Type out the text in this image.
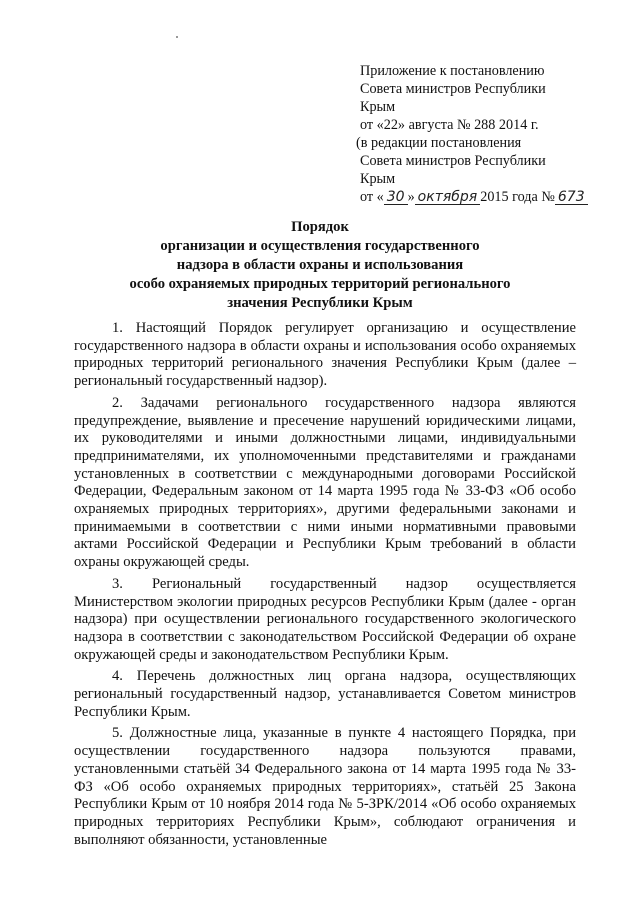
Приложение к постановлению
Совета министров Республики
Крым
от «22» августа № 288 2014 г.
(в редакции постановления
Совета министров Республики
Крым
от « 30 » октября 2015 года № 673
Порядок
организации и осуществления государственного
надзора в области охраны и использования
особо охраняемых природных территорий регионального
значения Республики Крым

1. Настоящий Порядок регулирует организацию и осуществление государственного надзора в области охраны и использования особо охраняемых природных территорий регионального значения Республики Крым (далее – региональный государственный надзор).

2. Задачами регионального государственного надзора являются предупреждение, выявление и пресечение нарушений юридическими лицами, их руководителями и иными должностными лицами, индивидуальными предпринимателями, их уполномоченными представителями и гражданами установленных в соответствии с международными договорами Российской Федерации, Федеральным законом от 14 марта 1995 года № 33-ФЗ «Об особо охраняемых природных территориях», другими федеральными законами и принимаемыми в соответствии с ними иными нормативными правовыми актами Российской Федерации и Республики Крым требований в области охраны окружающей среды.

3. Региональный государственный надзор осуществляется Министерством экологии природных ресурсов Республики Крым (далее - орган надзора) при осуществлении регионального государственного экологического надзора в соответствии с законодательством Российской Федерации об охране окружающей среды и законодательством Республики Крым.

4. Перечень должностных лиц органа надзора, осуществляющих региональный государственный надзор, устанавливается Советом министров Республики Крым.

5. Должностные лица, указанные в пункте 4 настоящего Порядка, при осуществлении государственного надзора пользуются правами, установленными статьёй 34 Федерального закона от 14 марта 1995 года № 33-ФЗ «Об особо охраняемых природных территориях», статьёй 25 Закона Республики Крым от 10 ноября 2014 года № 5-ЗРК/2014 «Об особо охраняемых природных территориях Республики Крым», соблюдают ограничения и выполняют обязанности, установленные
